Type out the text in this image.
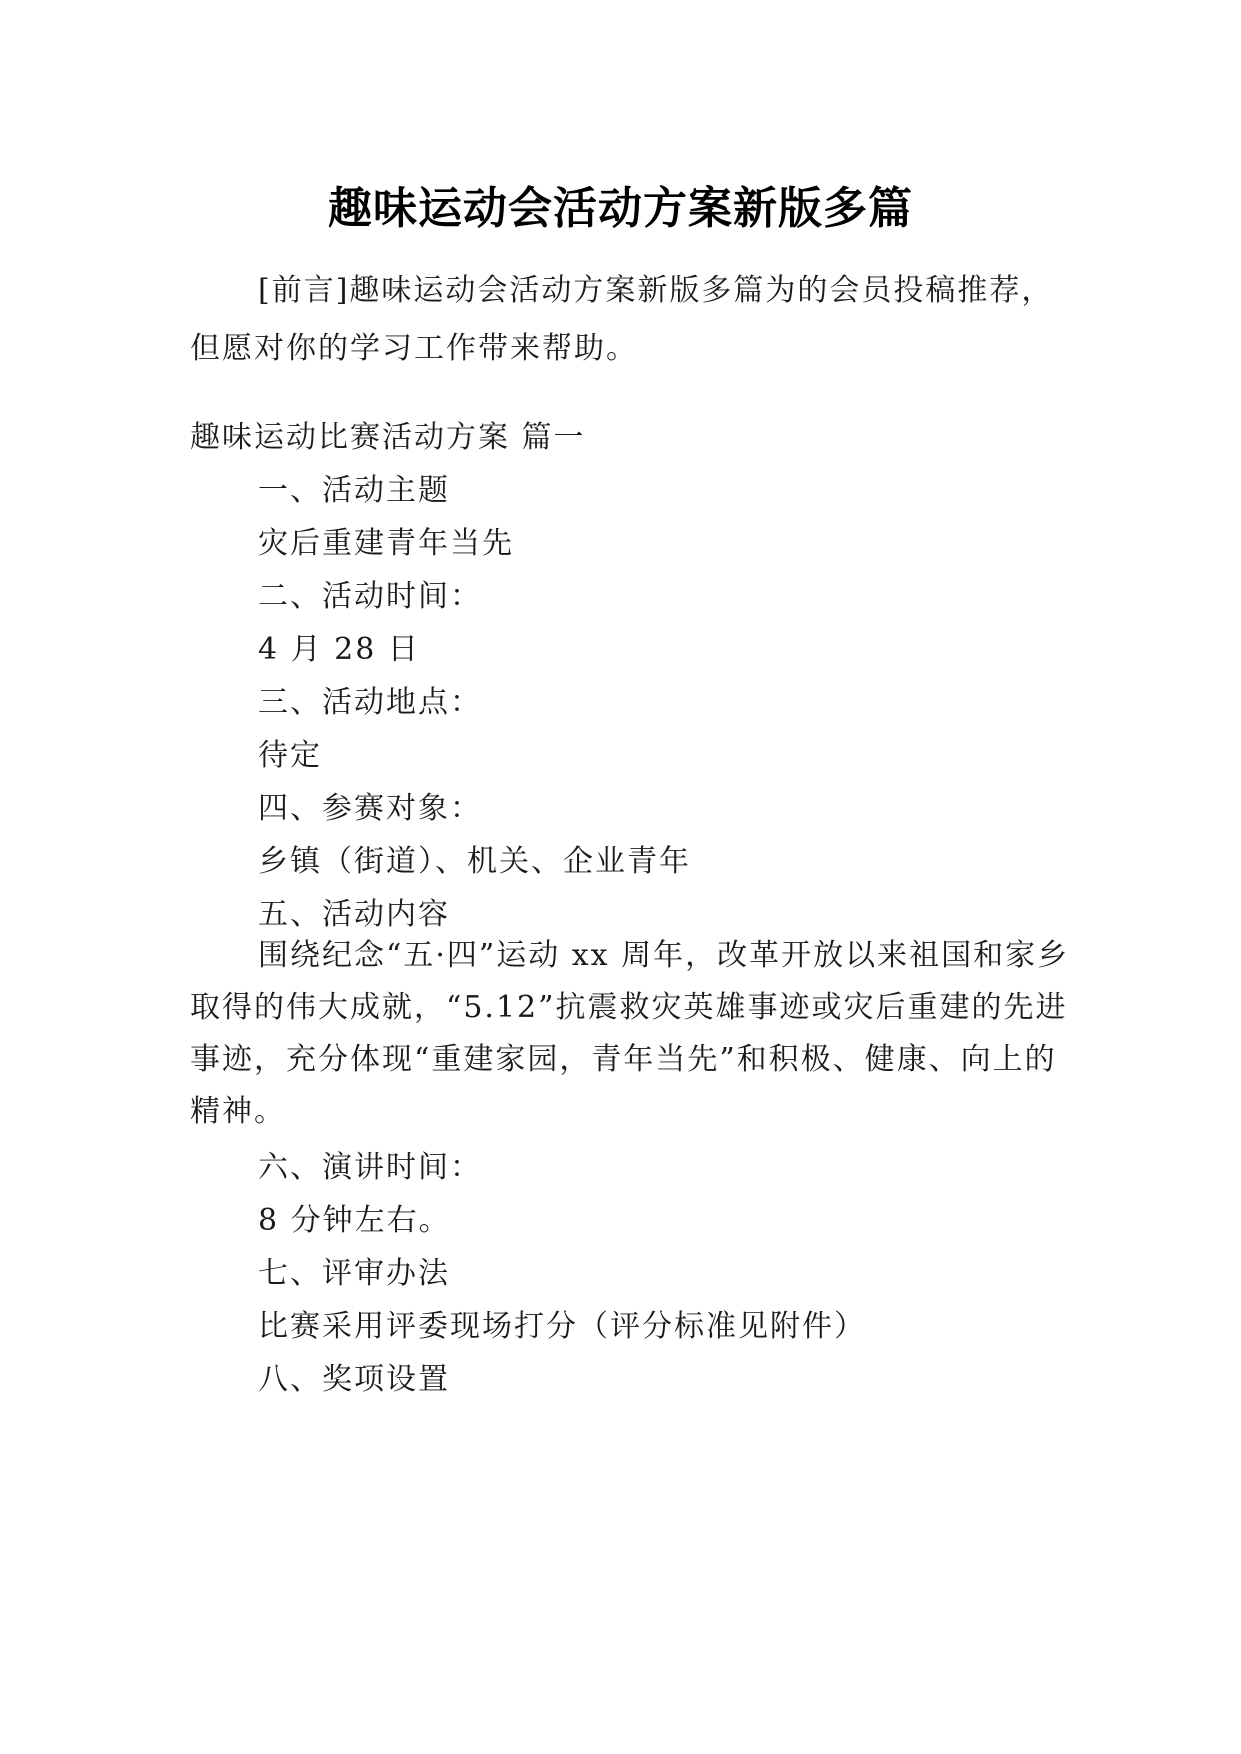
趣味运动会活动方案新版多篇

[前言]趣味运动会活动方案新版多篇为的会员投稿推荐，但愿对你的学习工作带来帮助。

趣味运动比赛活动方案 篇一

一、活动主题

灾后重建青年当先

二、活动时间：

4 月 28 日

三、活动地点：

待定

四、参赛对象：

乡镇（街道）、机关、企业青年

五、活动内容

围绕纪念“五·四”运动 xx 周年，改革开放以来祖国和家乡取得的伟大成就，“5.12”抗震救灾英雄事迹或灾后重建的先进事迹，充分体现“重建家园，青年当先”和积极、健康、向上的精神。

六、演讲时间：

8 分钟左右。

七、评审办法

比赛采用评委现场打分（评分标准见附件）

八、奖项设置
